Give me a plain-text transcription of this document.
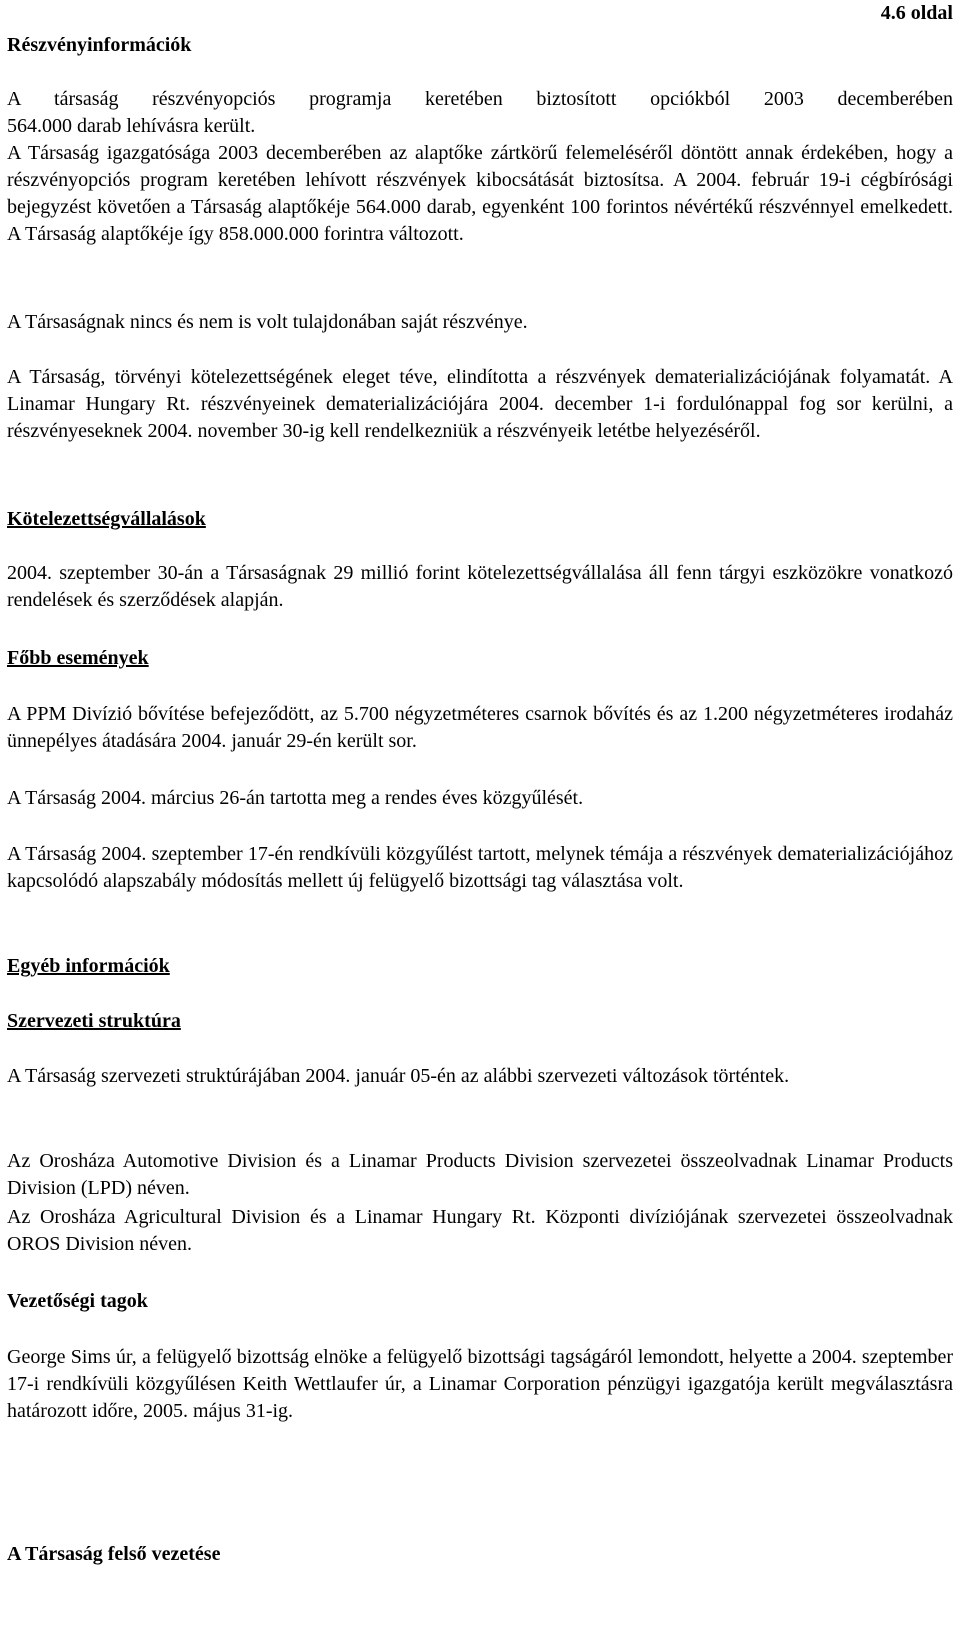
4.6 oldal
Részvényinformációk

A társaság részvényopciós programja keretében biztosított opciókból 2003 decemberében

564.000 darab lehívásra került.

A Társaság igazgatósága 2003 decemberében az alaptőke zártkörű felemeléséről döntött annak érdekében, hogy a részvényopciós program keretében lehívott részvények kibocsátását biztosítsa. A 2004. február 19-i cégbírósági bejegyzést követően a Társaság alaptőkéje 564.000 darab, egyenként 100 forintos névértékű részvénnyel emelkedett. A Társaság alaptőkéje így 858.000.000 forintra változott.

A Társaságnak nincs és nem is volt tulajdonában saját részvénye.

A Társaság, törvényi kötelezettségének eleget téve, elindította a részvények dematerializációjának folyamatát. A Linamar Hungary Rt. részvényeinek dematerializációjára 2004. december 1-i fordulónappal fog sor kerülni, a részvényeseknek 2004. november 30-ig kell rendelkezniük a részvényeik letétbe helyezéséről.

Kötelezettségvállalások

2004. szeptember 30-án a Társaságnak 29 millió forint kötelezettségvállalása áll fenn tárgyi eszközökre vonatkozó rendelések és szerződések alapján.

Főbb események

A PPM Divízió bővítése befejeződött, az 5.700 négyzetméteres csarnok bővítés és az 1.200 négyzetméteres irodaház ünnepélyes átadására 2004. január 29-én került sor.

A Társaság 2004. március 26-án tartotta meg a rendes éves közgyűlését.

A Társaság 2004. szeptember 17-én rendkívüli közgyűlést tartott, melynek témája a részvények dematerializációjához kapcsolódó alapszabály módosítás mellett új felügyelő bizottsági tag választása volt.

Egyéb információk
Szervezeti struktúra

A Társaság szervezeti struktúrájában 2004. január 05-én az alábbi szervezeti változások történtek.

Az Orosháza Automotive Division és a Linamar Products Division szervezetei összeolvadnak Linamar Products Division (LPD) néven.

Az Orosháza Agricultural Division és a Linamar Hungary Rt. Központi divíziójának szervezetei összeolvadnak OROS Division néven.

Vezetőségi tagok

George Sims úr, a felügyelő bizottság elnöke a felügyelő bizottsági tagságáról lemondott, helyette a 2004. szeptember 17-i rendkívüli közgyűlésen Keith Wettlaufer úr, a Linamar Corporation pénzügyi igazgatója került megválasztásra határozott időre, 2005. május 31-ig.

A Társaság felső vezetése
